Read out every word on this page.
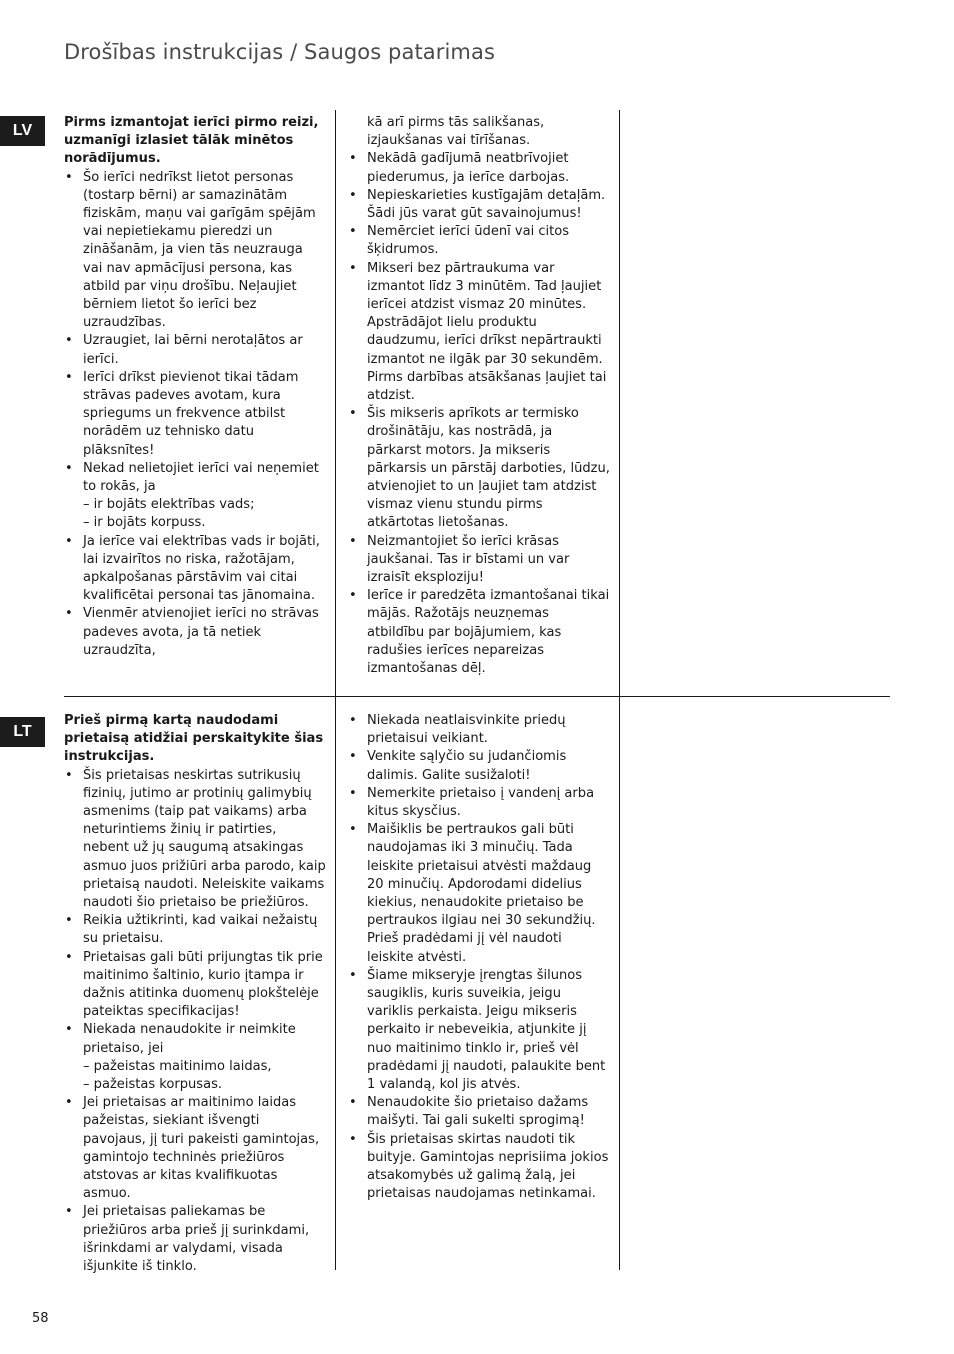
Drošības instrukcijas / Saugos patarimas
LV	Pirms izmantojat ierīci pirmo reizi, uzmanīgi izlasiet tālāk minētos norādījumus.

• Šo ierīci nedrīkst lietot personas (tostarp bērni) ar samazinātām fiziskām, maņu vai garīgām spējām vai nepietiekamu pieredzi un zināšanām, ja vien tās neuzrauga vai nav apmācījusi persona, kas atbild par viņu drošību. Neļaujiet bērniem lietot šo ierīci bez uzraudzības.
• Uzraugiet, lai bērni nerotaļātos ar ierīci.
• Ierīci drīkst pievienot tikai tādam strāvas padeves avotam, kura spriegums un frekvence atbilst norādēm uz tehnisko datu plāksnītes!
• Nekad nelietojiet ierīci vai neņemiet to rokās, ja
– ir bojāts elektrības vads;
– ir bojāts korpuss.
• Ja ierīce vai elektrības vads ir bojāti, lai izvairītos no riska, ražotājam, apkalpošanas pārstāvim vai citai kvalificētai personai tas jānomaina.
• Vienmēr atvienojiet ierīci no strāvas padeves avota, ja tā netiek uzraudzīta,
kā arī pirms tās salikšanas, izjaukšanas vai tīrīšanas.
• Nekādā gadījumā neatbrīvojiet piederumus, ja ierīce darbojas.
• Nepieskarieties kustīgajām detaļām. Šādi jūs varat gūt savainojumus!
• Nemērciet ierīci ūdenī vai citos šķidrumos.
• Mikseri bez pārtraukuma var izmantot līdz 3 minūtēm. Tad ļaujiet ierīcei atdzist vismaz 20 minūtes. Apstrādājot lielu produktu daudzumu, ierīci drīkst nepārtraukti izmantot ne ilgāk par 30 sekundēm. Pirms darbības atsākšanas ļaujiet tai atdzist.
• Šis mikseris aprīkots ar termisko drošinātāju, kas nostrādā, ja pārkarst motors. Ja mikseris pārkarsis un pārstāj darboties, lūdzu, atvienojiet to un ļaujiet tam atdzist vismaz vienu stundu pirms atkārtotas lietošanas.
• Neizmantojiet šo ierīci krāsas jaukšanai. Tas ir bīstami un var izraisīt eksploziju!
• Ierīce ir paredzēta izmantošanai tikai mājās. Ražotājs neuzņemas atbildību par bojājumiem, kas radušies ierīces nepareizas izmantošanas dēļ.
LT

Prieš pirmą kartą naudodami prietaisą atidžiai perskaitykite šias instrukcijas.

• Šis prietaisas neskirtas sutrikusių fizinių, jutimo ar protinių galimybių asmenims (taip pat vaikams) arba neturintiems žinių ir patirties, nebent už jų saugumą atsakingas asmuo juos prižiūri arba parodo, kaip prietaisą naudoti. Neleiskite vaikams naudoti šio prietaiso be priežiūros.
• Reikia užtikrinti, kad vaikai nežaistų su prietaisu.
• Prietaisas gali būti prijungtas tik prie maitinimo šaltinio, kurio įtampa ir dažnis atitinka duomenų plokštelėje pateiktas specifikacijas!
• Niekada nenaudokite ir neimkite prietaiso, jei
– pažeistas maitinimo laidas,
– pažeistas korpusas.
• Jei prietaisas ar maitinimo laidas pažeistas, siekiant išvengti pavojaus, jį turi pakeisti gamintojas, gamintojo techninės priežiūros atstovas ar kitas kvalifikuotas asmuo.
• Jei prietaisas paliekamas be priežiūros arba prieš jį surinkdami, išrinkdami ar valydami, visada išjunkite iš tinklo.
• Niekada neatlaisvinkite priedų prietaisui veikiant.
• Venkite sąlyčio su judančiomis dalimis. Galite susižaloti!
• Nemerkite prietaiso į vandenį arba kitus skysčius.
• Maišiklis be pertraukos gali būti naudojamas iki 3 minučių. Tada leiskite prietaisui atvėsti maždaug 20 minučių. Apdorodami didelius kiekius, nenaudokite prietaiso be pertraukos ilgiau nei 30 sekundžių. Prieš pradėdami jį vėl naudoti leiskite atvėsti.
• Šiame mikseryje įrengtas šilunos saugiklis, kuris suveikia, jeigu variklis perkaista. Jeigu mikseris perkaito ir nebeveikia, atjunkite jį nuo maitinimo tinklo ir, prieš vėl pradėdami jį naudoti, palaukite bent 1 valandą, kol jis atvės.
• Nenaudokite šio prietaiso dažams maišyti. Tai gali sukelti sprogimą!
• Šis prietaisas skirtas naudoti tik buityje. Gamintojas neprisiima jokios atsakomybės už galimą žalą, jei prietaisas naudojamas netinkamai.
58
